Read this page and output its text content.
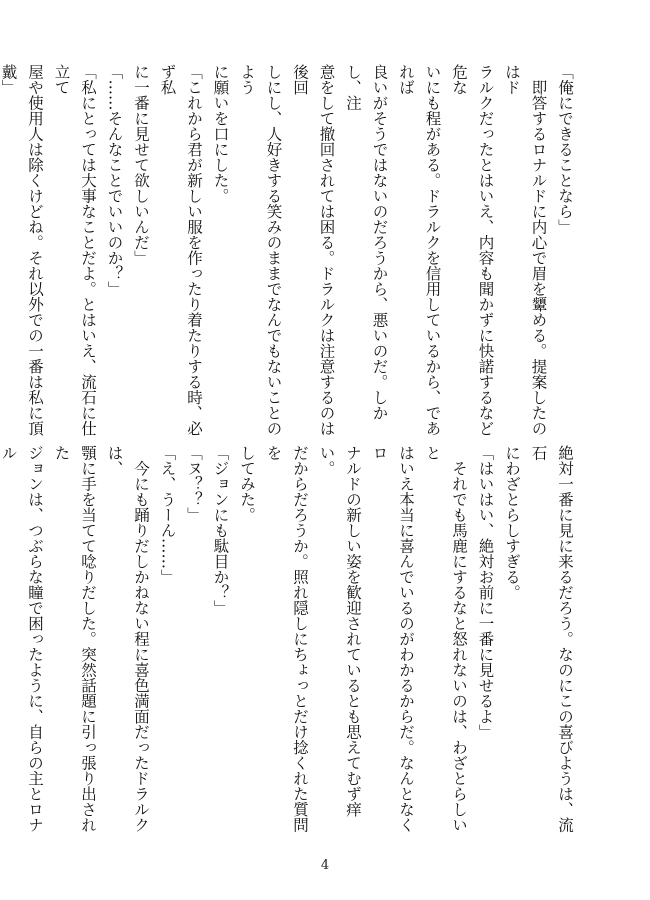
「俺にできることなら」
　即答するロナルドに内心で眉を顰める。提案したのはド
ラルクだったとはいえ、内容も聞かずに快諾するなど危な
いにも程がある。ドラルクを信用しているから、であれば
良いがそうではないのだろうから、悪いのだ。しかし、注
意をして撤回されては困る。ドラルクは注意するのは後回
しにし、人好きする笑みのままでなんでもないことのよう
に願いを口にした。
「これから君が新しい服を作ったり着たりする時、必ず私
に一番に見せて欲しいんだ」
「……そんなことでいいのか？」
「私にとっては大事なことだよ。とはいえ、流石に仕立て
屋や使用人は除くけどね。それ以外での一番は私に頂戴」
絶対一番に見に来るだろう。なのにこの喜びようは、流石
にわざとらしすぎる。
「はいはい、絶対お前に一番に見せるよ」
　それでも馬鹿にするなと怒れないのは、わざとらしいと
はいえ本当に喜んでいるのがわかるからだ。なんとなくロ
ナルドの新しい姿を歓迎されているとも思えてむず痒い。
だからだろうか。照れ隠しにちょっとだけ捻くれた質問を
してみた。
「ジョンにも駄目か？」
「ヌ？？」
「え、うーん……」
　今にも踊りだしかねない程に喜色満面だったドラルクは、
顎に手を当てて唸りだした。突然話題に引っ張り出された
ジョンは、つぶらな瞳で困ったように、自らの主とロナル
4
